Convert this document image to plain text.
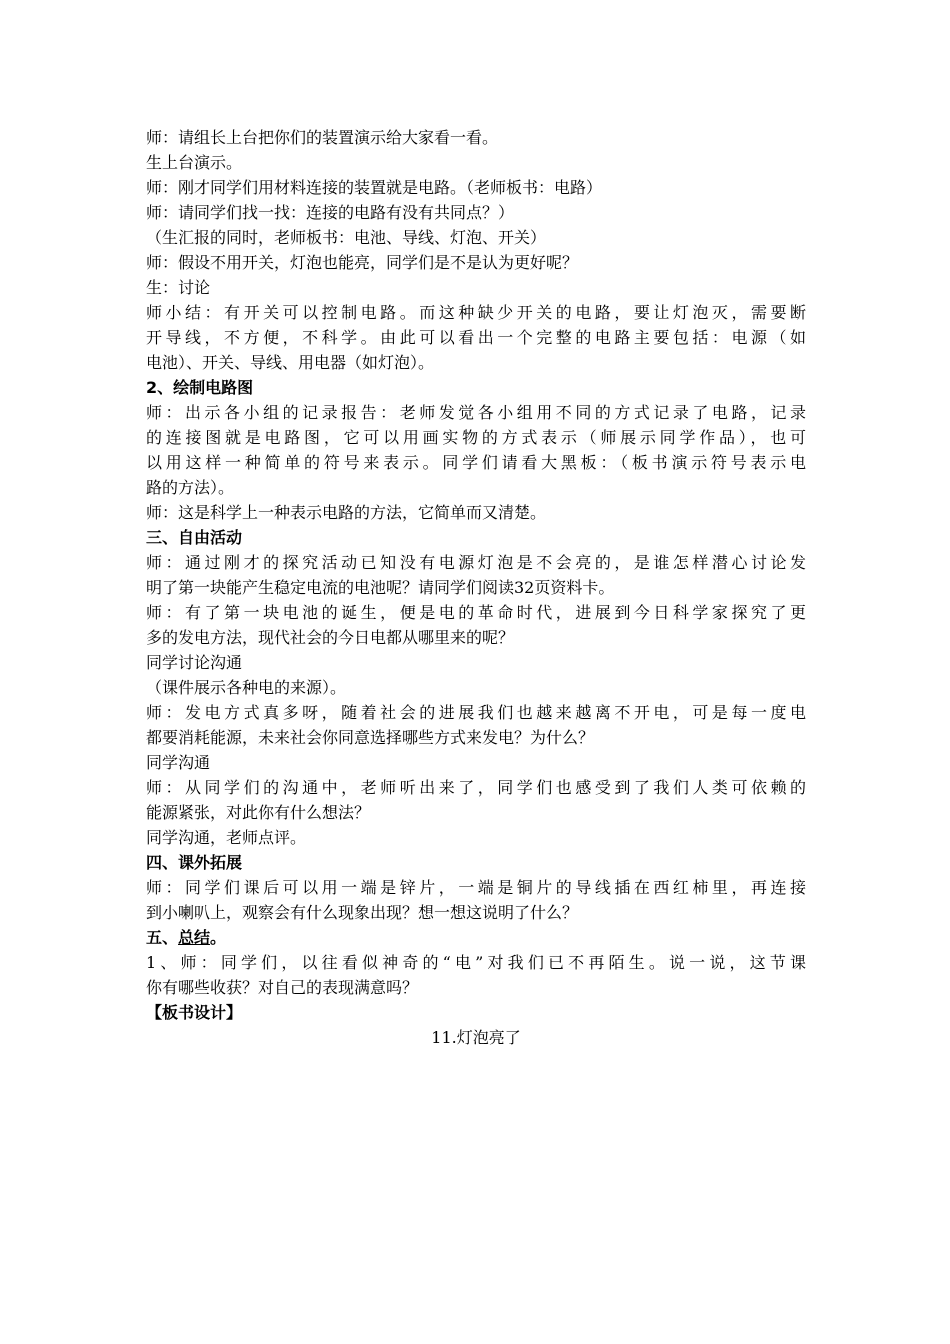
师：请组长上台把你们的装置演示给大家看一看。
生上台演示。
师：刚才同学们用材料连接的装置就是电路。（老师板书：电路）
师：请同学们找一找：连接的电路有没有共同点？）
（生汇报的同时，老师板书：电池、导线、灯泡、开关）
师：假设不用开关，灯泡也能亮，同学们是不是认为更好呢？
生：讨论
师小结：有开关可以控制电路。而这种缺少开关的电路，要让灯泡灭，需要断
开导线，不方便，不科学。由此可以看出一个完整的电路主要包括：电源（如
电池）、开关、导线、用电器（如灯泡）。
2、绘制电路图
师：出示各小组的记录报告：老师发觉各小组用不同的方式记录了电路，记录
的连接图就是电路图，它可以用画实物的方式表示（师展示同学作品），也可
以用这样一种简单的符号来表示。同学们请看大黑板：（板书演示符号表示电
路的方法）。
师：这是科学上一种表示电路的方法，它简单而又清楚。
三、自由活动
师：通过刚才的探究活动已知没有电源灯泡是不会亮的，是谁怎样潜心讨论发
明了第一块能产生稳定电流的电池呢？请同学们阅读32页资料卡。
师：有了第一块电池的诞生，便是电的革命时代，进展到今日科学家探究了更
多的发电方法，现代社会的今日电都从哪里来的呢？
同学讨论沟通
（课件展示各种电的来源）。
师：发电方式真多呀，随着社会的进展我们也越来越离不开电，可是每一度电
都要消耗能源，未来社会你同意选择哪些方式来发电？为什么？
同学沟通
师：从同学们的沟通中，老师听出来了，同学们也感受到了我们人类可依赖的
能源紧张，对此你有什么想法？
同学沟通，老师点评。
四、课外拓展
师：同学们课后可以用一端是锌片，一端是铜片的导线插在西红柿里，再连接
到小喇叭上，观察会有什么现象出现？想一想这说明了什么？
五、总结。
1、师：同学们，以往看似神奇的“电”对我们已不再陌生。说一说，这节课
你有哪些收获？对自己的表现满意吗？
【板书设计】
11.灯泡亮了
